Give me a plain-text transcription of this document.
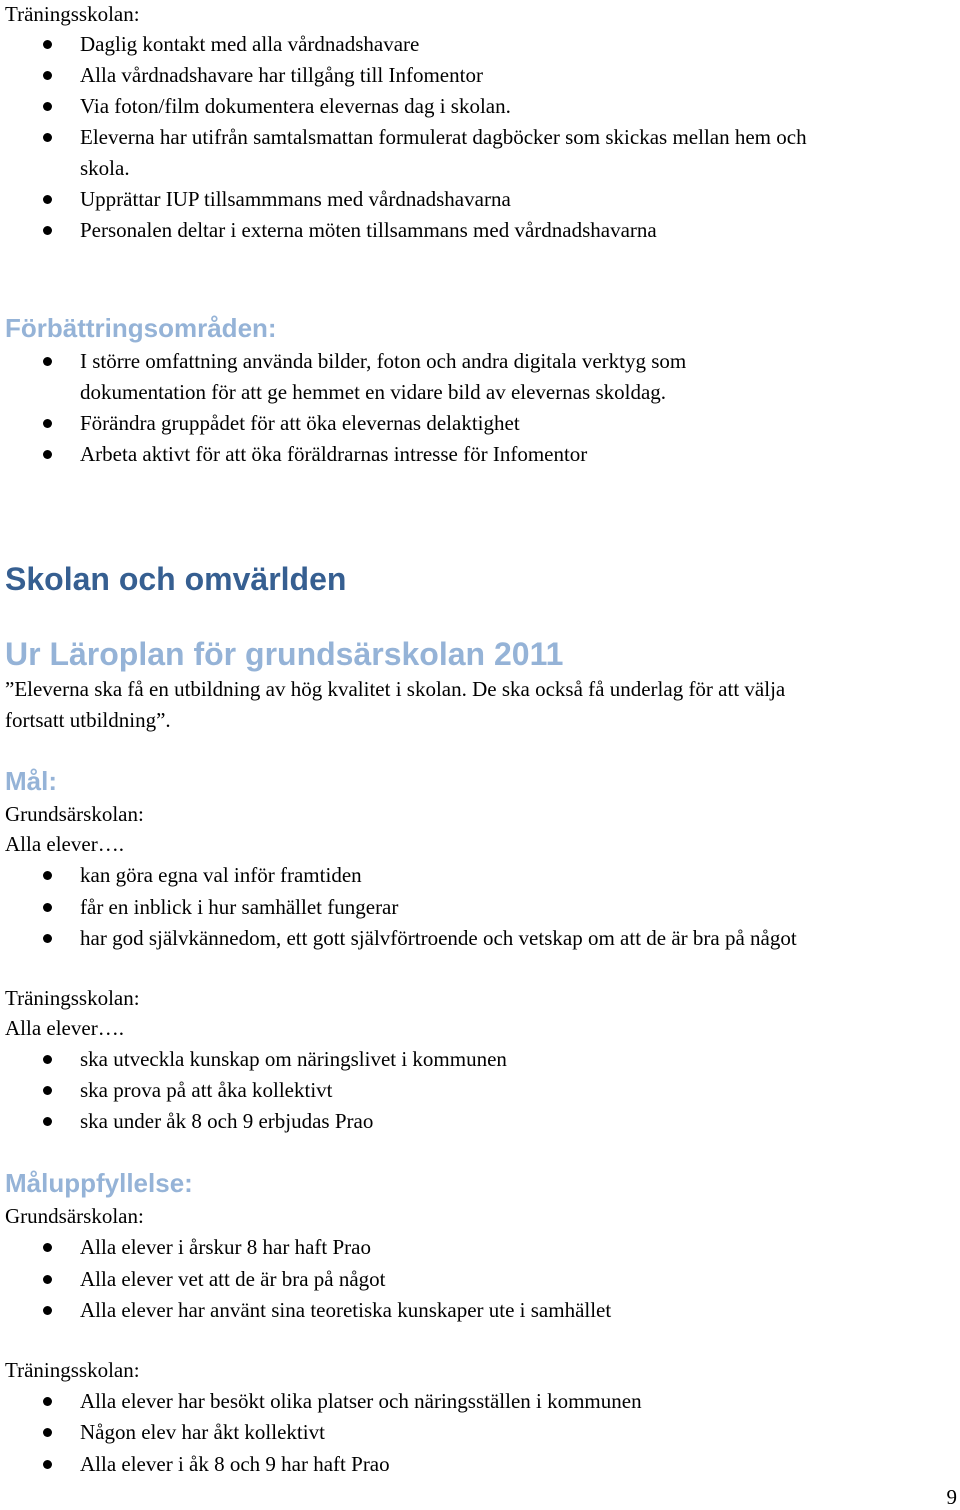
Träningsskolan:
Daglig kontakt med alla vårdnadshavare
Alla vårdnadshavare har tillgång till Infomentor
Via foton/film dokumentera elevernas dag i skolan.
Eleverna har utifrån samtalsmattan formulerat dagböcker som skickas mellan hem och
skola.
Upprättar IUP tillsammmans med vårdnadshavarna
Personalen deltar i externa möten tillsammans med vårdnadshavarna
Förbättringsområden:
I större omfattning använda bilder, foton och andra digitala verktyg som
dokumentation för att ge hemmet en vidare bild av elevernas skoldag.
Förändra gruppådet för att öka elevernas delaktighet
Arbeta aktivt för att öka föräldrarnas intresse för Infomentor
Skolan och omvärlden
Ur Läroplan för grundsärskolan 2011
”Eleverna ska få en utbildning av hög kvalitet i skolan. De ska också få underlag för att välja
fortsatt utbildning”.
Mål:
Grundsärskolan:
Alla elever….
kan göra egna val inför framtiden
får en inblick i hur samhället fungerar
har god självkännedom, ett gott självförtroende och vetskap om att de är bra på något
Träningsskolan:
Alla elever….
ska utveckla kunskap om näringslivet i kommunen
ska prova på att åka kollektivt
ska under åk 8 och 9 erbjudas Prao
Måluppfyllelse:
Grundsärskolan:
Alla elever i årskur 8 har haft Prao
Alla elever vet att de är bra på något
Alla elever har använt sina teoretiska kunskaper ute i samhället
Träningsskolan:
Alla elever har besökt olika platser och näringsställen i kommunen
Någon elev har åkt kollektivt
Alla elever i åk 8 och 9 har haft Prao
9
